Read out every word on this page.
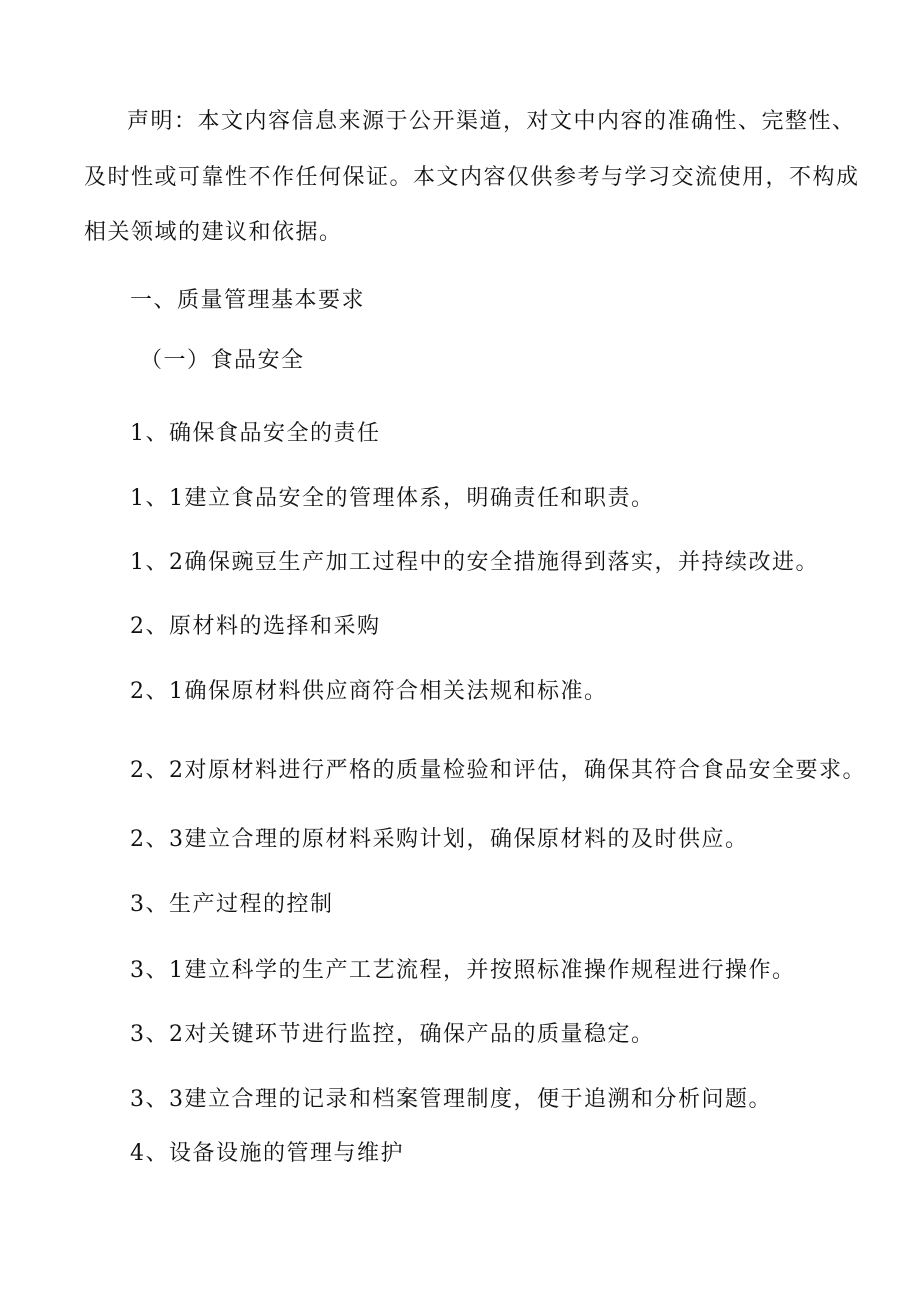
声明：本文内容信息来源于公开渠道，对文中内容的准确性、完整性、
及时性或可靠性不作任何保证。本文内容仅供参考与学习交流使用，不构成
相关领域的建议和依据。
一、质量管理基本要求
（一）食品安全
1、确保食品安全的责任
1、1建立食品安全的管理体系，明确责任和职责。
1、2确保豌豆生产加工过程中的安全措施得到落实，并持续改进。
2、原材料的选择和采购
2、1确保原材料供应商符合相关法规和标准。
2、2对原材料进行严格的质量检验和评估，确保其符合食品安全要求。
2、3建立合理的原材料采购计划，确保原材料的及时供应。
3、生产过程的控制
3、1建立科学的生产工艺流程，并按照标准操作规程进行操作。
3、2对关键环节进行监控，确保产品的质量稳定。
3、3建立合理的记录和档案管理制度，便于追溯和分析问题。
4、设备设施的管理与维护
